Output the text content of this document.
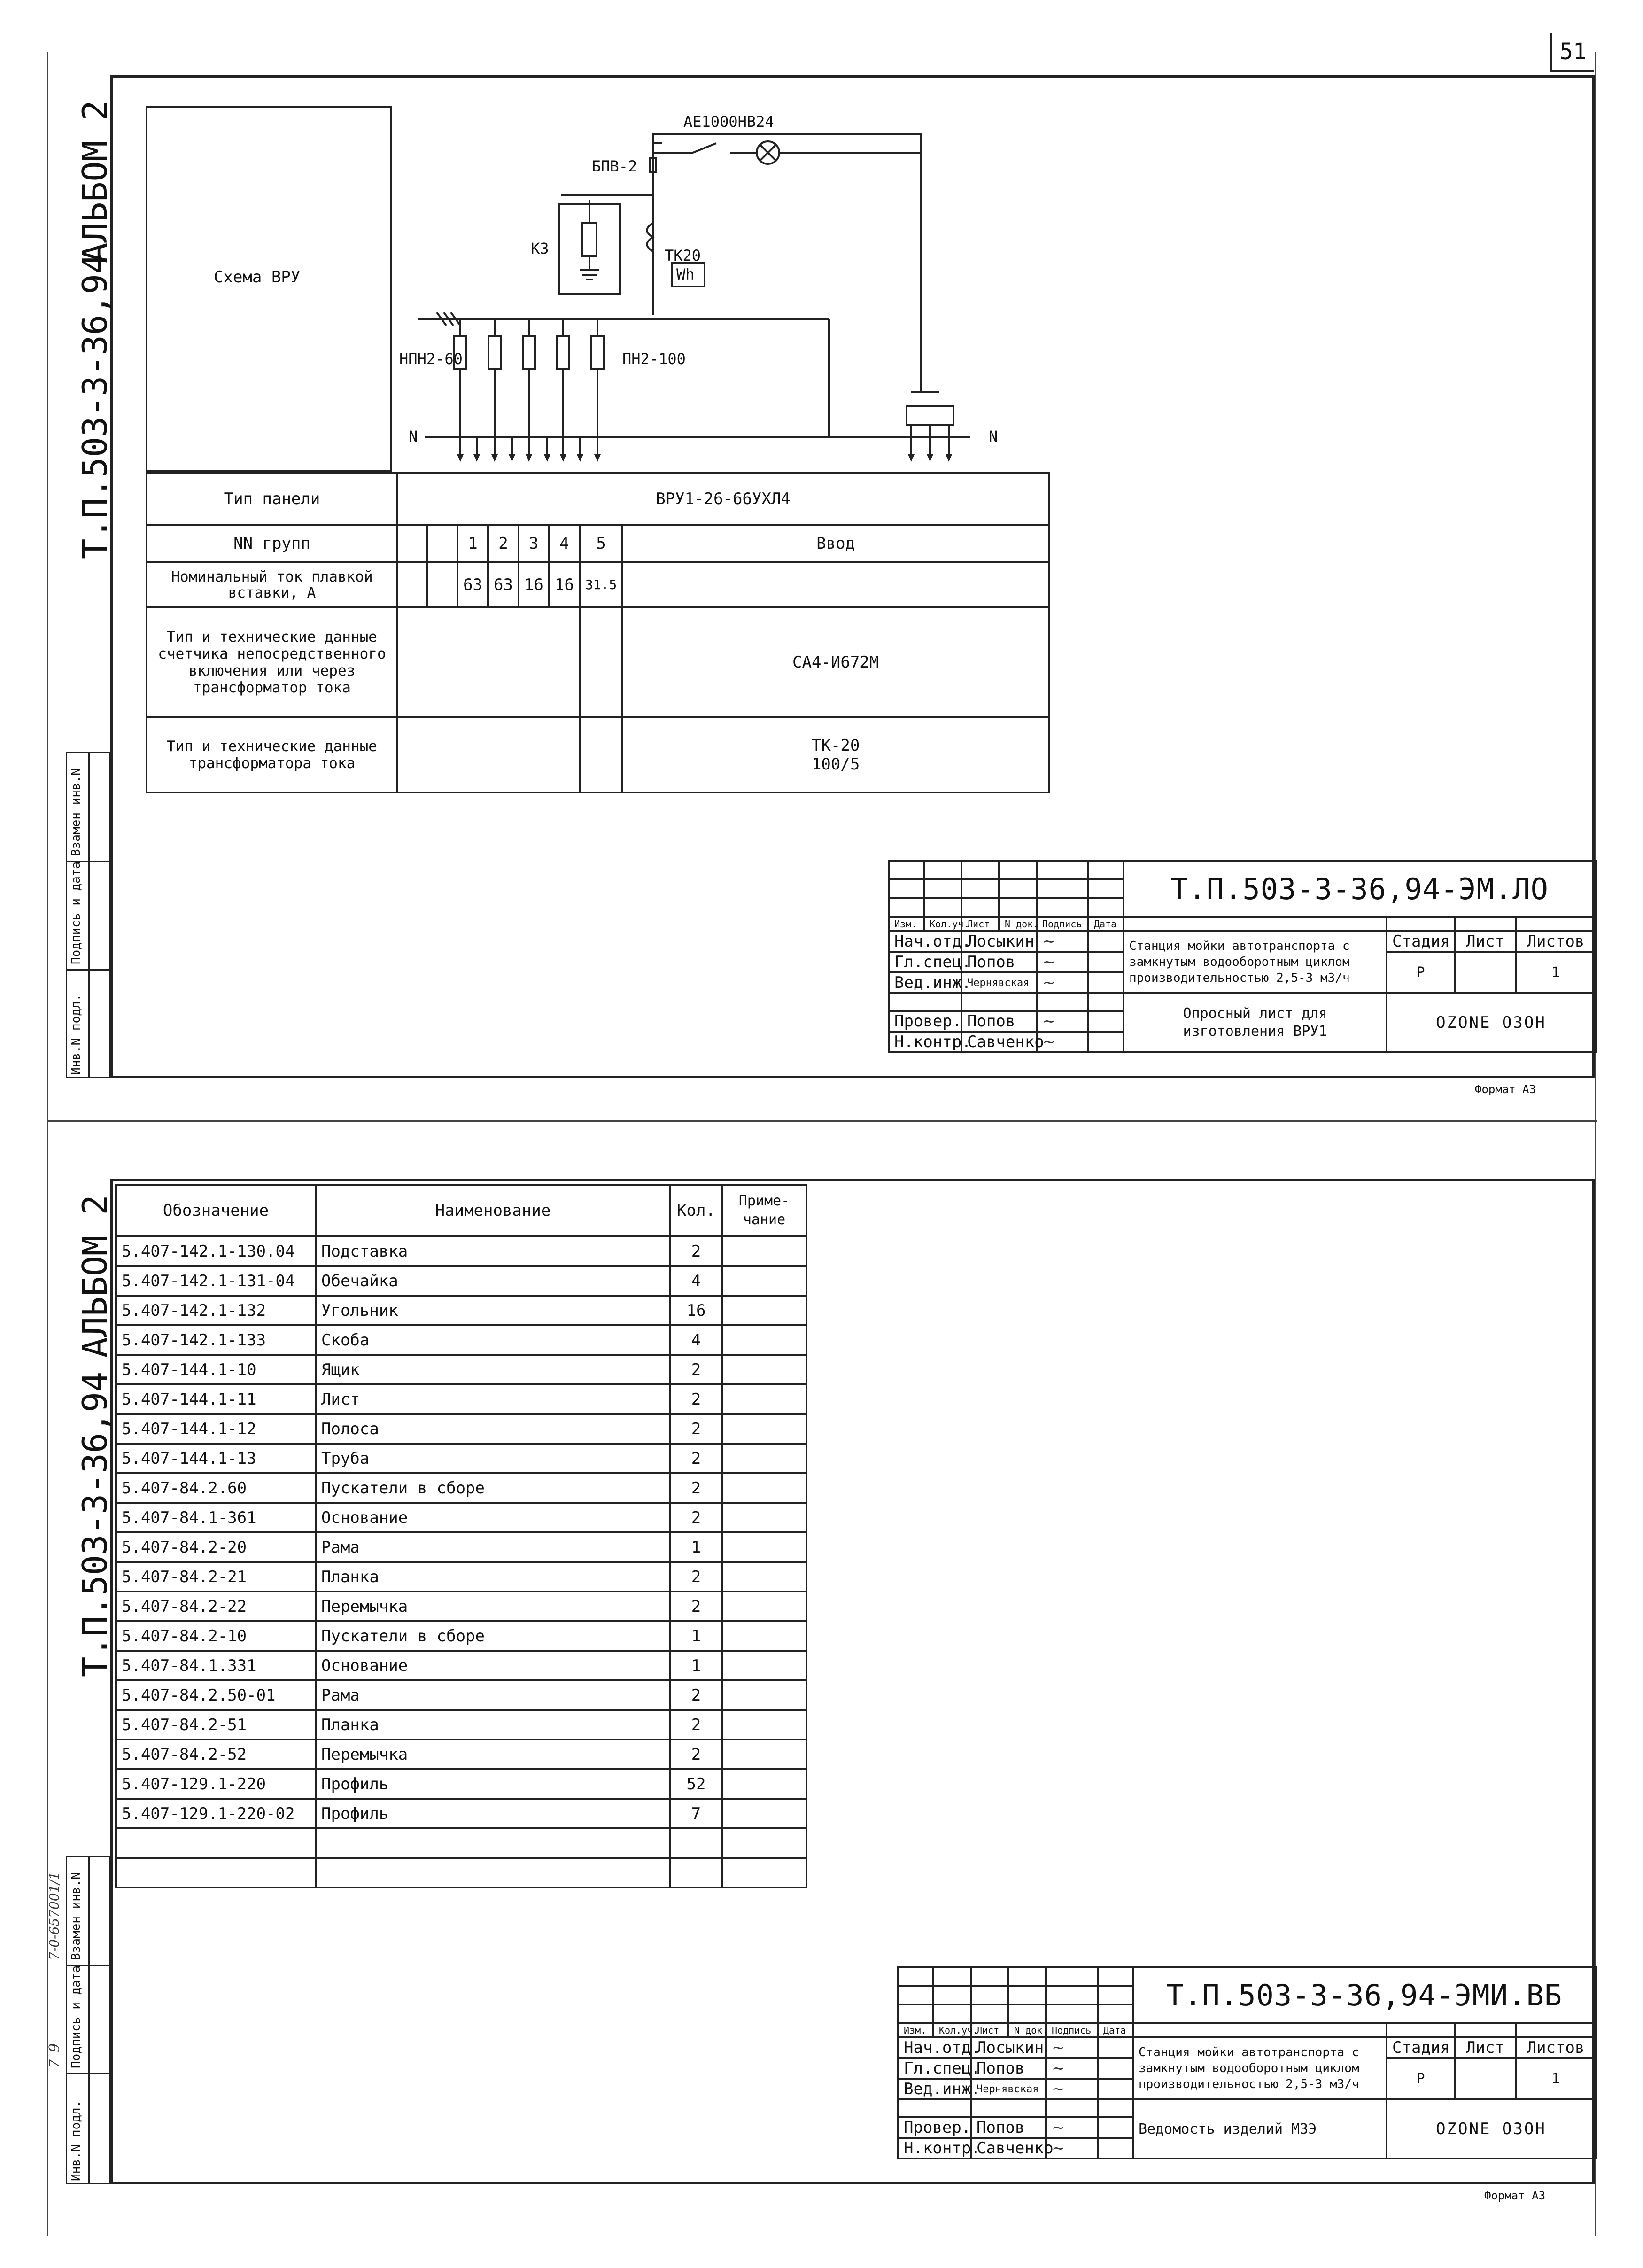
51
АЛЬБОМ 2
Т.П.503-3-36,94
Взамен инв.N
Подпись и дата
Инв.N подл.
Схема ВРУ
АЕ1000НВ24
БПВ-2
КЗ	ТК20
Wh
НПН2-60	ПН2-100
N	N
Тип панели	ВРУ1-26-66УХЛ4							
NN групп			1	2	3	4	5	Ввод
Номинальный ток плавкой вставки, А			63	63	16	16	31.5	
Тип и технические данные счетчика непосредственного включения или через трансформатор тока								СА4-И672М
Тип и технические данные трансформатора тока								ТК-20
100/5
						Т.П.503-3-36,94-ЭМ.ЛО			

Изм.	Кол.уч.	Лист	N док.	Подпись	Дата				
Нач.отд.		Лосыкин		~		Станция мойки автотранспорта с замкнутым водооборотным циклом производительностью 2,5-3 м3/ч	Стадия	Лист	Листов
Гл.спец.		Попов		~			Р		1
Вед.инж.		Чернявская		~					
						Опросный лист для изготовления ВРУ1	OZONE ОЗОН		
Провер.		Попов		~					
Н.контр.		Савченко		~					
Формат А3
АЛЬБОМ 2
Т.П.503-3-36,94
Взамен инв.N
Подпись и дата
Инв.N подл.
7_9
7-0-657001/1
Обозначение	Наименование	Кол.	Приме-чание
5.407-142.1-130.04	Подставка	2	
5.407-142.1-131-04	Обечайка	4	
5.407-142.1-132	Угольник	16	
5.407-142.1-133	Скоба	4	
5.407-144.1-10	Ящик	2	
5.407-144.1-11	Лист	2	
5.407-144.1-12	Полоса	2	
5.407-144.1-13	Труба	2	
5.407-84.2.60	Пускатели в сборе	2	
5.407-84.1-361	Основание	2	
5.407-84.2-20	Рама	1	
5.407-84.2-21	Планка	2	
5.407-84.2-22	Перемычка	2	
5.407-84.2-10	Пускатели в сборе	1	
5.407-84.1.331	Основание	1	
5.407-84.2.50-01	Рама	2	
5.407-84.2-51	Планка	2	
5.407-84.2-52	Перемычка	2	
5.407-129.1-220	Профиль	52	
5.407-129.1-220-02	Профиль	7	

						Т.П.503-3-36,94-ЭМИ.ВБ			

Изм.	Кол.уч.	Лист	N док.	Подпись	Дата				
Нач.отд.		Лосыкин		~		Станция мойки автотранспорта с замкнутым водооборотным циклом производительностью 2,5-3 м3/ч	Стадия	Лист	Листов
Гл.спец.		Попов		~			Р		1
Вед.инж.		Чернявская		~					
						Ведомость изделий МЗЭ	OZONE ОЗОН		
Провер.		Попов		~					
Н.контр.		Савченко		~					
Формат А3
